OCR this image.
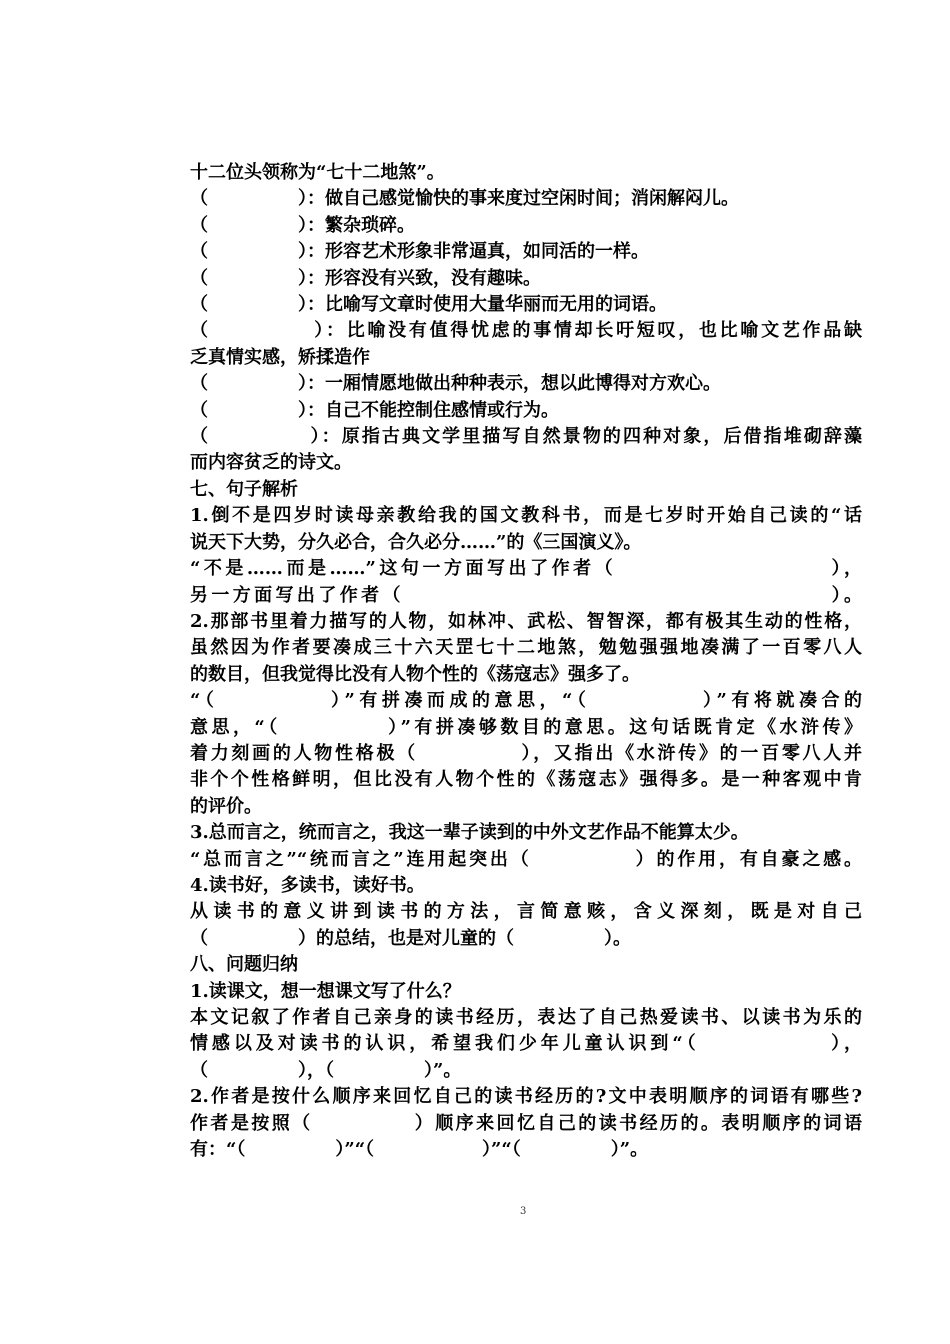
十二位头领称为“七十二地煞”。

（　　　　　）：做自己感觉愉快的事来度过空闲时间；消闲解闷儿。

（　　　　　）：繁杂琐碎。

（　　　　　）：形容艺术形象非常逼真，如同活的一样。

（　　　　　）：形容没有兴致，没有趣味。

（　　　　　）：比喻写文章时使用大量华丽而无用的词语。

（　　　　　）：比喻没有值得忧虑的事情却长吁短叹，也比喻文艺作品缺

乏真情实感，矫揉造作

（　　　　　）：一厢情愿地做出种种表示，想以此博得对方欢心。

（　　　　　）：自己不能控制住感情或行为。

（　　　　　）：原指古典文学里描写自然景物的四种对象，后借指堆砌辞藻

而内容贫乏的诗文。

七、句子解析

1.倒不是四岁时读母亲教给我的国文教科书，而是七岁时开始自己读的“话

说天下大势，分久必合，合久必分……”的《三国演义》。

“不是……而是……”这句一方面写出了作者（　　　　　　　　　　），

另一方面写出了作者（　　　　　　　　　　　　　　　　　　　　）。

2.那部书里着力描写的人物，如林冲、武松、智智深，都有极其生动的性格，

虽然因为作者要凑成三十六天罡七十二地煞，勉勉强强地凑满了一百零八人

的数目，但我觉得比没有人物个性的《荡寇志》强多了。

“（　　　　　）”有拼凑而成的意思，“（　　　　　）”有将就凑合的

意思，“（　　　　　）”有拼凑够数目的意思。这句话既肯定《水浒传》

着力刻画的人物性格极（　　　　　），又指出《水浒传》的一百零八人并

非个个性格鲜明，但比没有人物个性的《荡寇志》强得多。是一种客观中肯

的评价。

3.总而言之，统而言之，我这一辈子读到的中外文艺作品不能算太少。

“总而言之”“统而言之”连用起突出（　　　　　）的作用，有自豪之感。

4.读书好，多读书，读好书。

从读书的意义讲到读书的方法，言简意赅，含义深刻，既是对自己

（　　　　　）的总结，也是对儿童的（　　　　　）。

八、问题归纳

1.读课文，想一想课文写了什么？

本文记叙了作者自己亲身的读书经历，表达了自己热爱读书、以读书为乐的

情感以及对读书的认识，希望我们少年儿童认识到“（　　　　　　），

（　　　　　），（　　　　　）”。

2.作者是按什么顺序来回忆自己的读书经历的?文中表明顺序的词语有哪些?

作者是按照（　　　　　）顺序来回忆自己的读书经历的。表明顺序的词语

有：“（　　　　　）”“（　　　　　　）”“（　　　　　）”。

3
